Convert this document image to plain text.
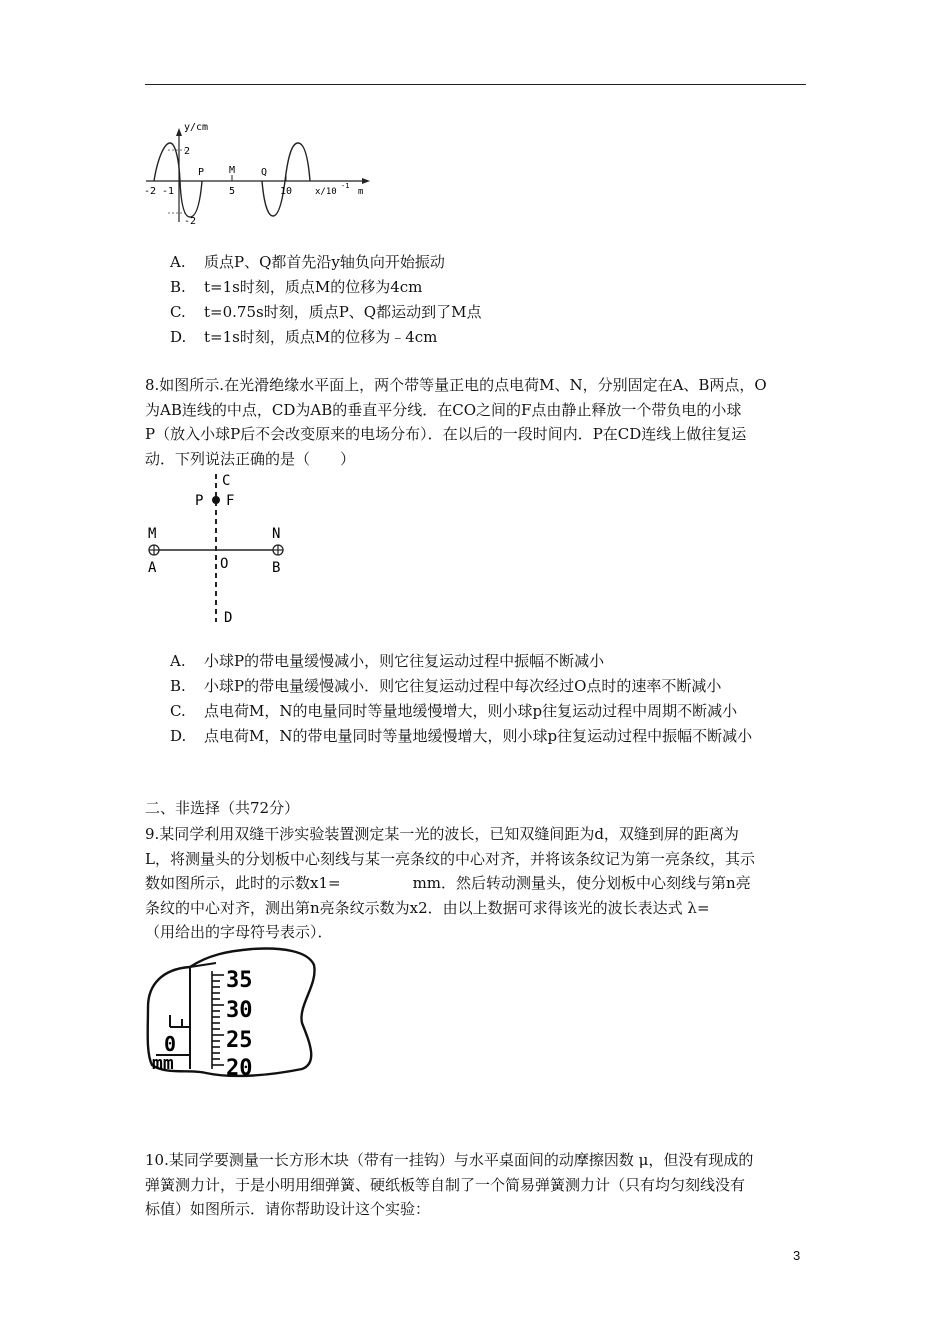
y/cm
2
-2
-2 -1	5	10
P M	Q
x/10
-1
m
A. 质点P、Q都首先沿y轴负向开始振动
B. t=1s时刻，质点M的位移为4cm
C. t=0.75s时刻，质点P、Q都运动到了M点
D. t=1s时刻，质点M的位移为﹣4cm
8.如图所示.在光滑绝缘水平面上，两个带等量正电的点电荷M、N，分别固定在A、B两点，O
为AB连线的中点，CD为AB的垂直平分线．在CO之间的F点由静止释放一个带负电的小球
P（放入小球P后不会改变原来的电场分布）．在以后的一段时间内．P在CD连线上做往复运
动．下列说法正确的是（　　）
C
P F
M	N
A	O	B
D
A. 小球P的带电量缓慢减小，则它往复运动过程中振幅不断减小
B. 小球P的带电量缓慢减小．则它往复运动过程中每次经过O点时的速率不断减小
C. 点电荷M，N的电量同时等量地缓慢增大，则小球p往复运动过程中周期不断减小
D. 点电荷M，N的带电量同时等量地缓慢增大，则小球p往复运动过程中振幅不断减小
二、非选择（共72分）
9.某同学利用双缝干涉实验装置测定某一光的波长，已知双缝间距为d，双缝到屏的距离为
L，将测量头的分划板中心刻线与某一亮条纹的中心对齐，并将该条纹记为第一亮条纹，其示
数如图所示，此时的示数x1=	mm．然后转动测量头，使分划板中心刻线与第n亮
条纹的中心对齐，测出第n亮条纹示数为x2．由以上数据可求得该光的波长表达式 λ=
（用给出的字母符号表示）．
35
30
25
20
0
mm
10.某同学要测量一长方形木块（带有一挂钩）与水平桌面间的动摩擦因数 μ，但没有现成的
弹簧测力计，于是小明用细弹簧、硬纸板等自制了一个简易弹簧测力计（只有均匀刻线没有
标值）如图所示．请你帮助设计这个实验：
3
